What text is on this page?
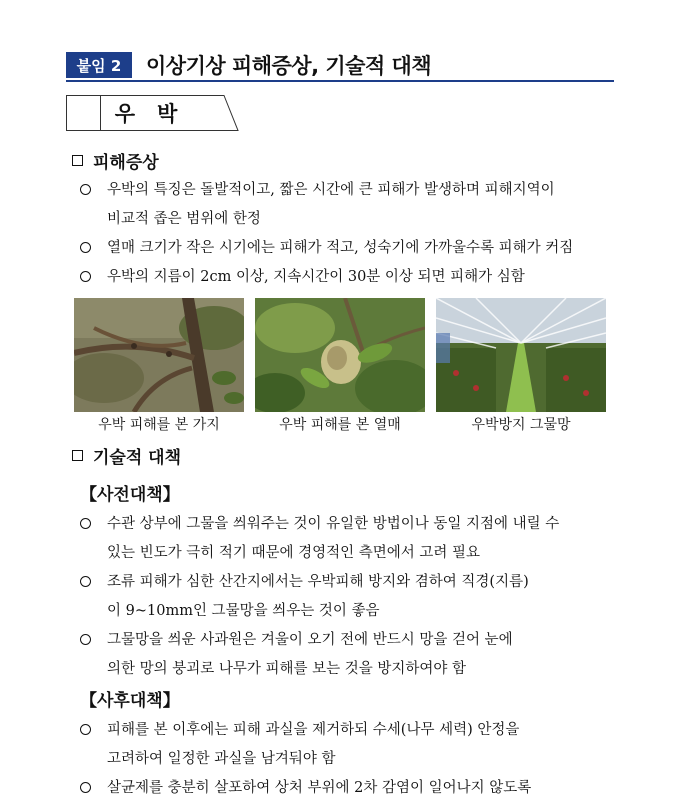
붙임 2	이상기상 피해증상, 기술적 대책
우박
피해증상
우박의 특징은 돌발적이고, 짧은 시간에 큰 피해가 발생하며 피해지역이
비교적 좁은 범위에 한정
열매 크기가 작은 시기에는 피해가 적고, 성숙기에 가까울수록 피해가 커짐
우박의 지름이 2cm 이상, 지속시간이 30분 이상 되면 피해가 심함
우박 피해를 본 가지	우박 피해를 본 열매	우박방지 그물망
기술적 대책
【사전대책】
수관 상부에 그물을 씌워주는 것이 유일한 방법이나 동일 지점에 내릴 수
있는 빈도가 극히 적기 때문에 경영적인 측면에서 고려 필요
조류 피해가 심한 산간지에서는 우박피해 방지와 겸하여 직경(지름)
이 9~10mm인 그물망을 씌우는 것이 좋음
그물망을 씌운 사과원은 겨울이 오기 전에 반드시 망을 걷어 눈에
의한 망의 붕괴로 나무가 피해를 보는 것을 방지하여야 함
【사후대책】
피해를 본 이후에는 피해 과실을 제거하되 수세(나무 세력) 안정을
고려하여 일정한 과실을 남겨둬야 함
살균제를 충분히 살포하여 상처 부위에 2차 감염이 일어나지 않도록
